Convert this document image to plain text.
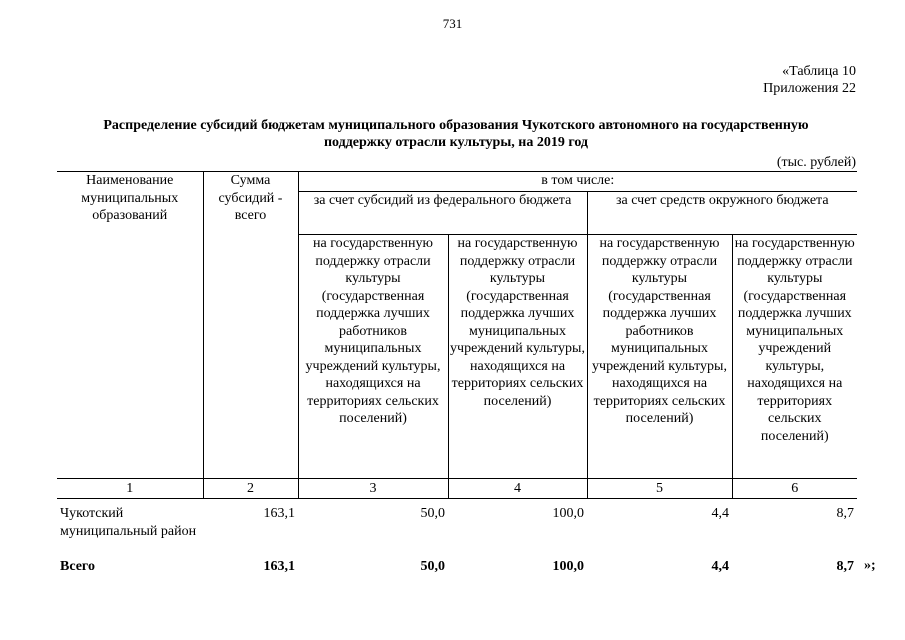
731
«Таблица 10
Приложения 22
Распределение субсидий бюджетам муниципального образования Чукотского автономного на государственную
поддержку отрасли культуры, на 2019 год
(тыс. рублей)
Наименование муниципальных образований	Сумма субсидий - всего	в том числе:			
		за счет субсидий из федерального бюджета		за счет средств окружного бюджета	
		на государственную поддержку отрасли культуры (государственная поддержка лучших работников муниципальных учреждений культуры, находящихся на территориях сельских поселений)	на государственную поддержку отрасли культуры (государственная поддержка лучших муниципальных учреждений культуры, находящихся на территориях сельских поселений)	на государственную поддержку отрасли культуры (государственная поддержка лучших работников муниципальных учреждений культуры, находящихся на территориях сельских поселений)	на государственную поддержку отрасли культуры (государственная поддержка лучших муниципальных учреждений культуры, находящихся на территориях сельских поселений)
1	2	3	4	5	6
Чукотский муниципальный район	163,1	50,0	100,0	4,4	8,7
Всего	163,1	50,0	100,0	4,4	8,7 »;
